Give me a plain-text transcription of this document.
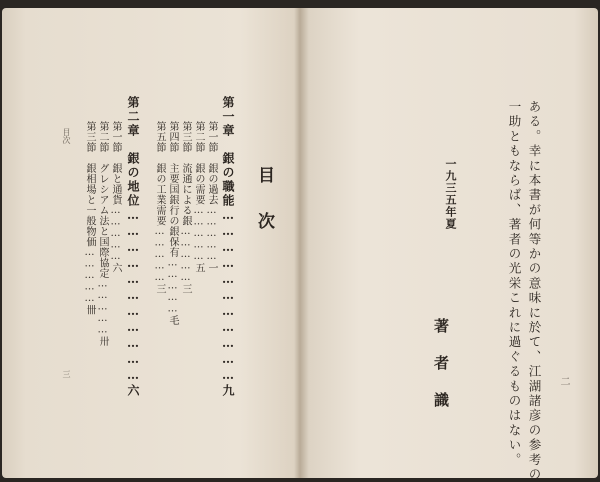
目　次
第一章　銀の職能……………………………九
第一節　銀の過去……………一
第二節　銀の需要……………五
第三節　流通による銀……………三
第四節　主要国銀行の銀保有……………毛
第五節　銀の工業需要……………三
第二章　銀の地位……………………………六
第一節　銀と通貨……………六
第二節　グレシアム法と国際協定……………卅
第三節　銀相場と一般物価……………卌
目次
三
二
ある。幸に本書が何等かの意味に於て、江湖諸彦の参考の
一助ともならば、著者の光栄これに過ぐるものはない。
一九三五年夏
著者識
